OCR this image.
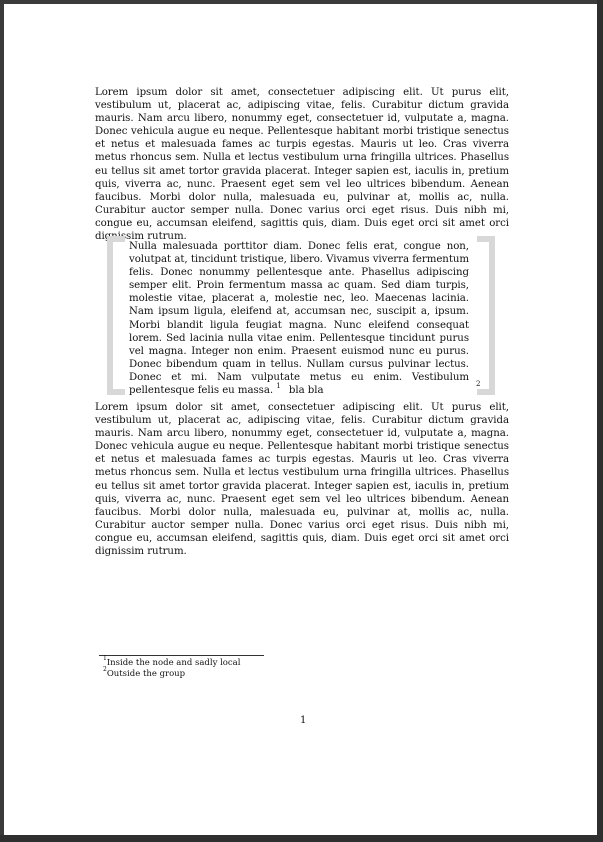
Lorem ipsum dolor sit amet, consectetuer adipiscing elit. Ut purus elit, vestibulum ut, placerat ac, adipiscing vitae, felis. Curabitur dictum gravida mauris. Nam arcu libero, nonummy eget, consectetuer id, vulputate a, magna. Donec vehicula augue eu neque. Pellentesque habitant morbi tristique senectus et netus et malesuada fames ac turpis egestas. Mauris ut leo. Cras viverra metus rhoncus sem. Nulla et lectus vestibulum urna fringilla ultrices. Phasellus eu tellus sit amet tortor gravida placerat. Integer sapien est, iaculis in, pretium quis, viverra ac, nunc. Praesent eget sem vel leo ultrices bibendum. Aenean faucibus. Morbi dolor nulla, malesuada eu, pulvinar at, mollis ac, nulla. Curabitur auctor semper nulla. Donec varius orci eget risus. Duis nibh mi, congue eu, accumsan eleifend, sagittis quis, diam. Duis eget orci sit amet orci dignissim rutrum.

Nulla malesuada porttitor diam. Donec felis erat, congue non, volutpat at, tincidunt tristique, libero. Vivamus viverra fermentum felis. Donec nonummy pellentesque ante. Phasellus adipiscing semper elit. Proin fermentum massa ac quam. Sed diam turpis, molestie vitae, placerat a, molestie nec, leo. Maecenas lacinia. Nam ipsum ligula, eleifend at, accumsan nec, suscipit a, ipsum. Morbi blandit ligula feugiat magna. Nunc eleifend consequat lorem. Sed lacinia nulla vitae enim. Pellentesque tincidunt purus vel magna. Integer non enim. Praesent euismod nunc eu purus. Donec bibendum quam in tellus. Nullam cursus pulvinar lectus. Donec et mi. Nam vulputate metus eu enim. Vestibulum pellentesque felis eu massa. $^1$ bla bla

2

Lorem ipsum dolor sit amet, consectetuer adipiscing elit. Ut purus elit, vestibulum ut, placerat ac, adipiscing vitae, felis. Curabitur dictum gravida mauris. Nam arcu libero, nonummy eget, consectetuer id, vulputate a, magna. Donec vehicula augue eu neque. Pellentesque habitant morbi tristique senectus et netus et malesuada fames ac turpis egestas. Mauris ut leo. Cras viverra metus rhoncus sem. Nulla et lectus vestibulum urna fringilla ultrices. Phasellus eu tellus sit amet tortor gravida placerat. Integer sapien est, iaculis in, pretium quis, viverra ac, nunc. Praesent eget sem vel leo ultrices bibendum. Aenean faucibus. Morbi dolor nulla, malesuada eu, pulvinar at, mollis ac, nulla. Curabitur auctor semper nulla. Donec varius orci eget risus. Duis nibh mi, congue eu, accumsan eleifend, sagittis quis, diam. Duis eget orci sit amet orci dignissim rutrum.

$^1$Inside the node and sadly local
$^2$Outside the group
1
